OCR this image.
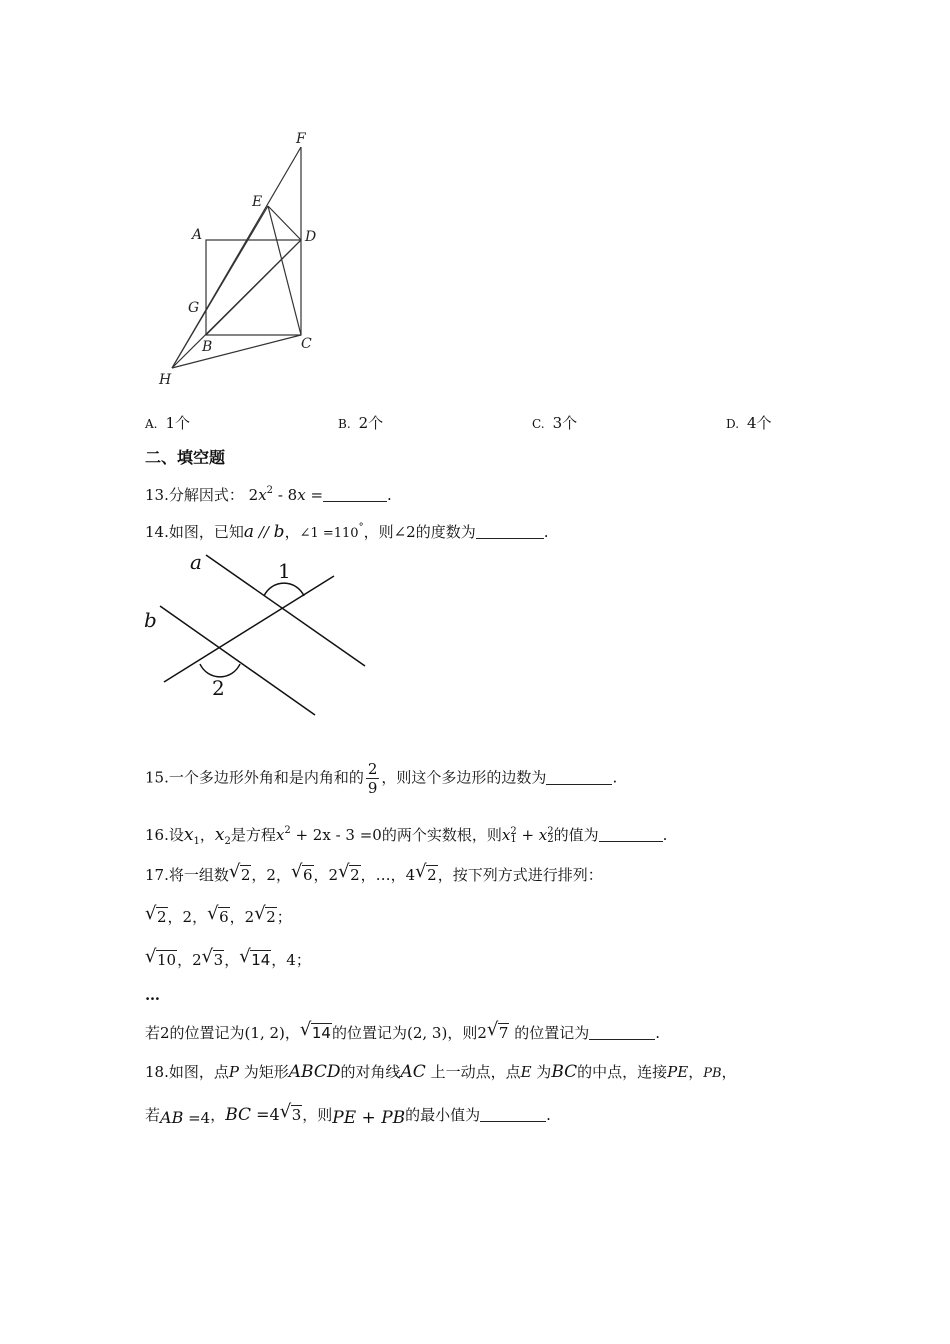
F
E
A	D
G
B	C
H
A. 1个	B. 2个	C. 3个	D. 4个
二、填空题
13.分解因式： $2x^2 - 8x$ =	.
14.如图，已知a // b，∠1 =110°，则∠2的度数为	.
a
b
1
2
15.一个多边形外角和是内角和的 $\frac{2}{9}$ ，则这个多边形的边数为	.
16.设$x_1$，$x_2$是方程$x^2 + 2x - 3 =0$的两个实数根，则x 2
1 + x 2
2 的值为	.
17.将一组数 √ 2，2， √ 6，2 √ 2，…，4 √ 2，按下列方式进行排列：
√ 2，2， √ 6，2 √ 2；
√ 10，2 √ 3， √ 14，4；
…
若2的位置记为(1, 2)， √ 14的位置记为(2, 3)，则2 √ 7 的位置记为	.
18.如图，点P 为矩形ABCD的对角线AC 上一动点，点E 为BC的中点，连接PE，PB，
若AB =4，BC =4 √ 3，则PE + PB的最小值为	.
